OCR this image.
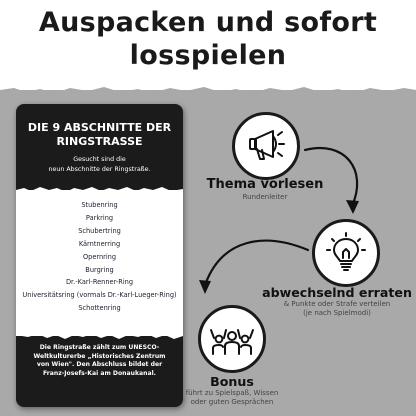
Auspacken und sofort
losspielen
DIE 9 ABSCHNITTE DER
RINGSTRASSE
Gesucht sind die
neun Abschnitte der Ringstraße.
Stubenring
Parkring
Schubertring
Kärntnerring
Opernring
Burgring
Dr.-Karl-Renner-Ring
Universitätsring (vormals Dr.-Karl-Lueger-Ring)
Schottenring
Die Ringstraße zählt zum UNESCO-
Weltkulturerbe „Historisches Zentrum
von Wien". Den Abschluss bildet der
Franz-Josefs-Kai am Donaukanal.
Thema vorlesen
Rundenleiter
abwechselnd erraten
& Punkte oder Strafe verteilen
(je nach Spielmodi)
Bonus
führt zu Spielspaß, Wissen
oder guten Gesprächen
